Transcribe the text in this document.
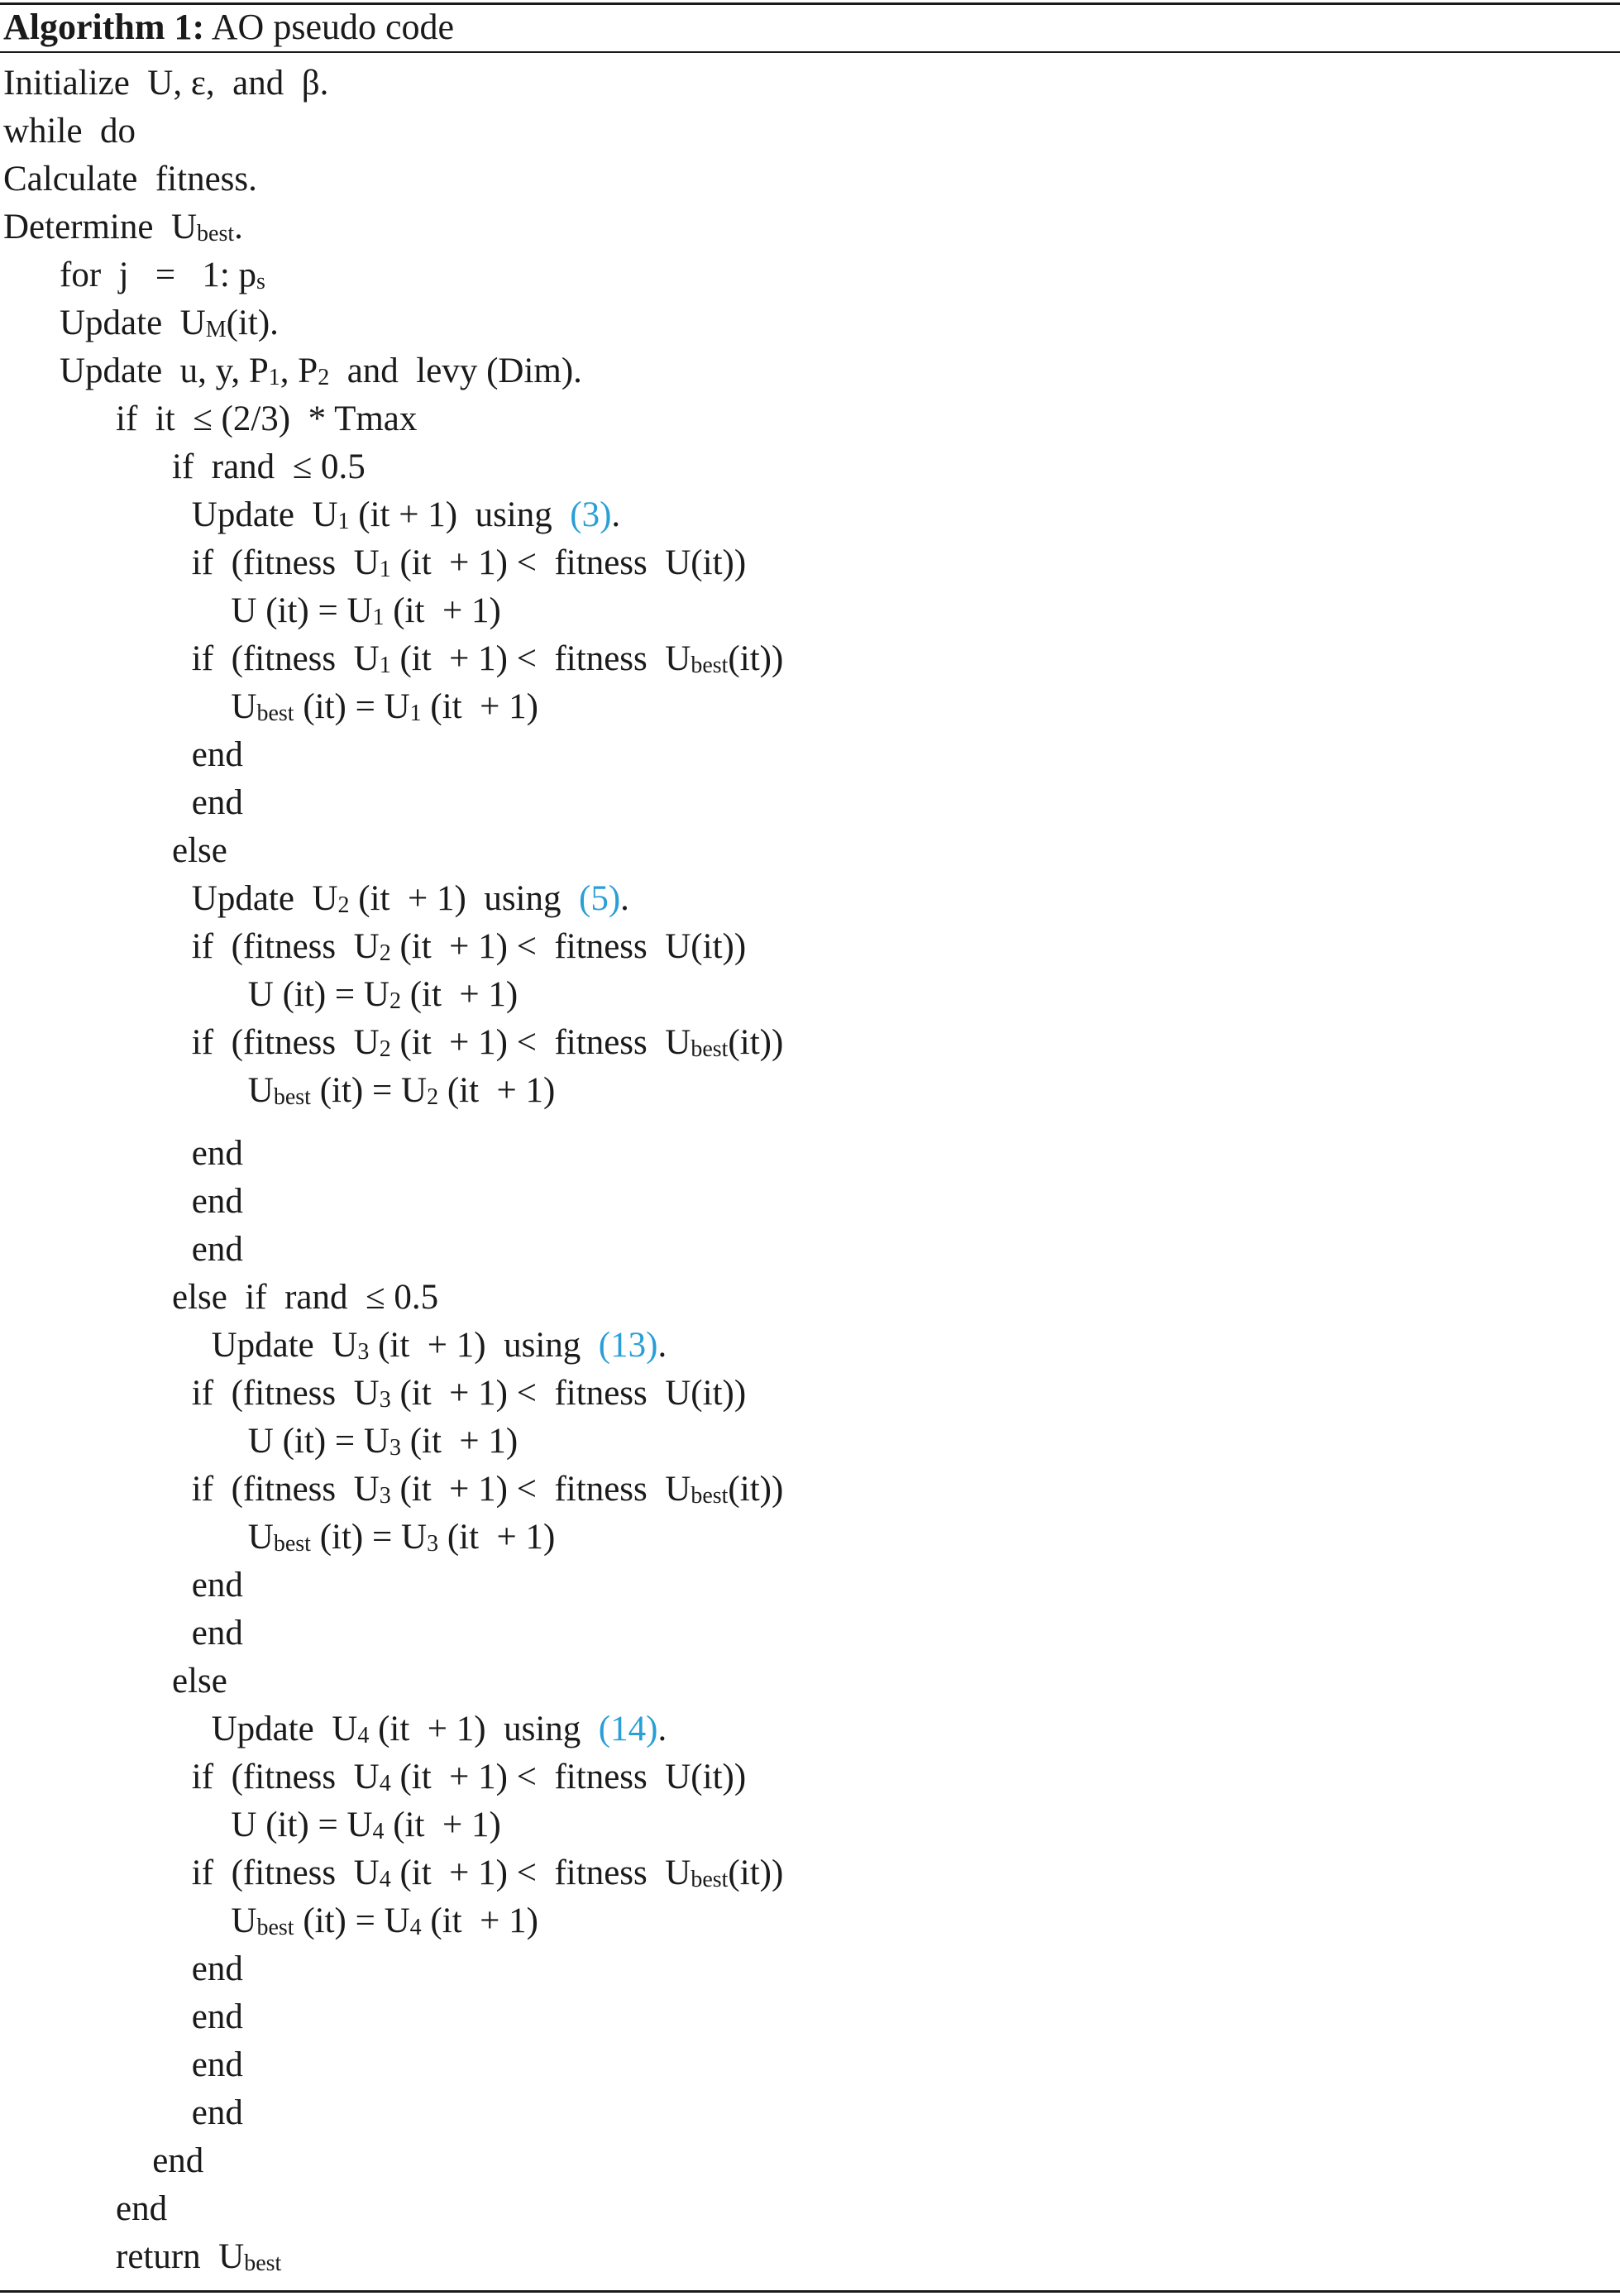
Algorithm 1: AO pseudo code
Initialize  U, ε,  and  β.
while  do
Calculate  fitness.
Determine  $U_{best}$.
for  j   =   1: $p_s$
Update  $U_M(it)$.
Update  u, y, $P_1$, $P_2$  and  levy (Dim).
if  it  ≤ (2/3)  * Tmax
if  rand  ≤ 0.5
Update  $U_1$ (it + 1)  using  (3).
if  (fitness  $U_1$ (it  + 1) <  fitness  U(it))
U $(it) = U_1$ (it  + 1)
if  (fitness  $U_1$ (it  + 1) <  fitness  $U_{best}(it)$)
$U_{best}$ $(it) = U_1$ (it  + 1)
end
end
else
Update  $U_2$ (it  + 1)  using  (5).
if  (fitness  $U_2$ (it  + 1) <  fitness  U(it))
U $(it) = U_2$ (it  + 1)
if  (fitness  $U_2$ (it  + 1) <  fitness  $U_{best}(it)$)
$U_{best}$ $(it) = U_2$ (it  + 1)
end
end
end
else  if  rand  ≤ 0.5
Update  $U_3$ (it  + 1)  using  (13).
if  (fitness  $U_3$ (it  + 1) <  fitness  U(it))
U $(it) = U_3$ (it  + 1)
if  (fitness  $U_3$ (it  + 1) <  fitness  $U_{best}(it)$)
$U_{best}$ $(it) = U_3$ (it  + 1)
end
end
else
Update  $U_4$ (it  + 1)  using  (14).
if  (fitness  $U_4$ (it  + 1) <  fitness  U(it))
U $(it) = U_4$ (it  + 1)
if  (fitness  $U_4$ (it  + 1) <  fitness  $U_{best}(it)$)
$U_{best}$ $(it) = U_4$ (it  + 1)
end
end
end
end
end
end
return  $U_{best}$
